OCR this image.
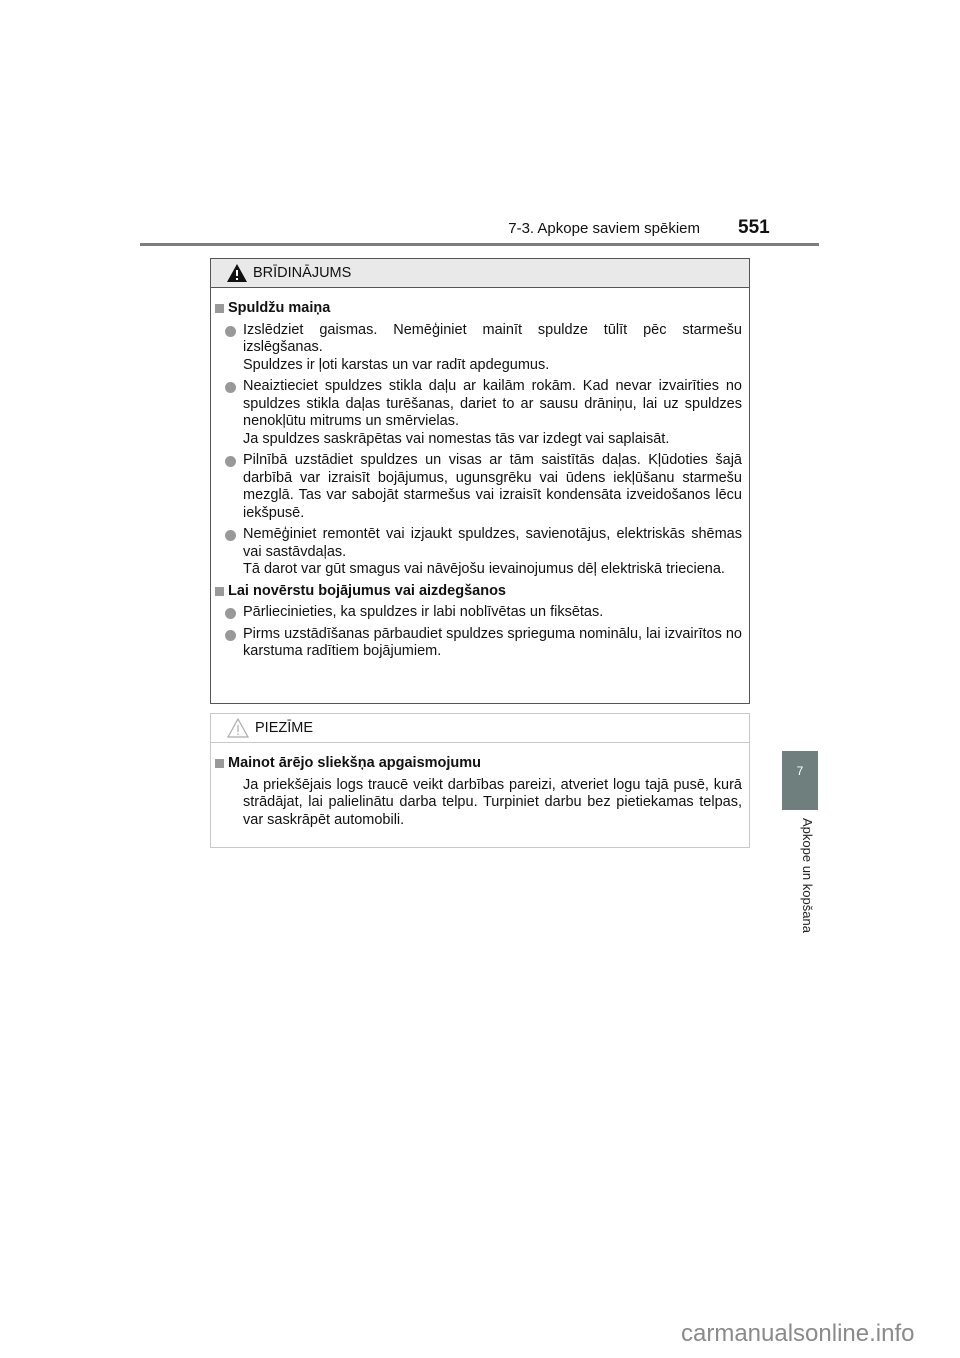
7-3. Apkope saviem spēkiem 551
7
Apkope un kopšana
BRĪDINĀJUMS
Spuldžu maiņa
Izslēdziet gaismas. Nemēģiniet mainīt spuldze tūlīt pēc starmešu izslēgšanas.
Spuldzes ir ļoti karstas un var radīt apdegumus.
Neaiztieciet spuldzes stikla daļu ar kailām rokām. Kad nevar izvairīties no spuldzes stikla daļas turēšanas, dariet to ar sausu drāniņu, lai uz spuldzes nenokļūtu mitrums un smērvielas.
Ja spuldzes saskrāpētas vai nomestas tās var izdegt vai saplaisāt.
Pilnībā uzstādiet spuldzes un visas ar tām saistītās daļas. Kļūdoties šajā darbībā var izraisīt bojājumus, ugunsgrēku vai ūdens iekļūšanu starmešu mezglā. Tas var sabojāt starmešus vai izraisīt kondensāta izveidošanos lēcu iekšpusē.
Nemēģiniet remontēt vai izjaukt spuldzes, savienotājus, elektriskās shēmas vai sastāvdaļas.
Tā darot var gūt smagus vai nāvējošu ievainojumus dēļ elektriskā trieciena.
Lai novērstu bojājumus vai aizdegšanos
Pārliecinieties, ka spuldzes ir labi noblīvētas un fiksētas.
Pirms uzstādīšanas pārbaudiet spuldzes sprieguma nominālu, lai izvairītos no karstuma radītiem bojājumiem.
PIEZĪME
Mainot ārējo sliekšņa apgaismojumu
Ja priekšējais logs traucē veikt darbības pareizi, atveriet logu tajā pusē, kurā strādājat, lai palielinātu darba telpu. Turpiniet darbu bez pietiekamas telpas, var saskrāpēt automobili.
carmanualsonline.info
